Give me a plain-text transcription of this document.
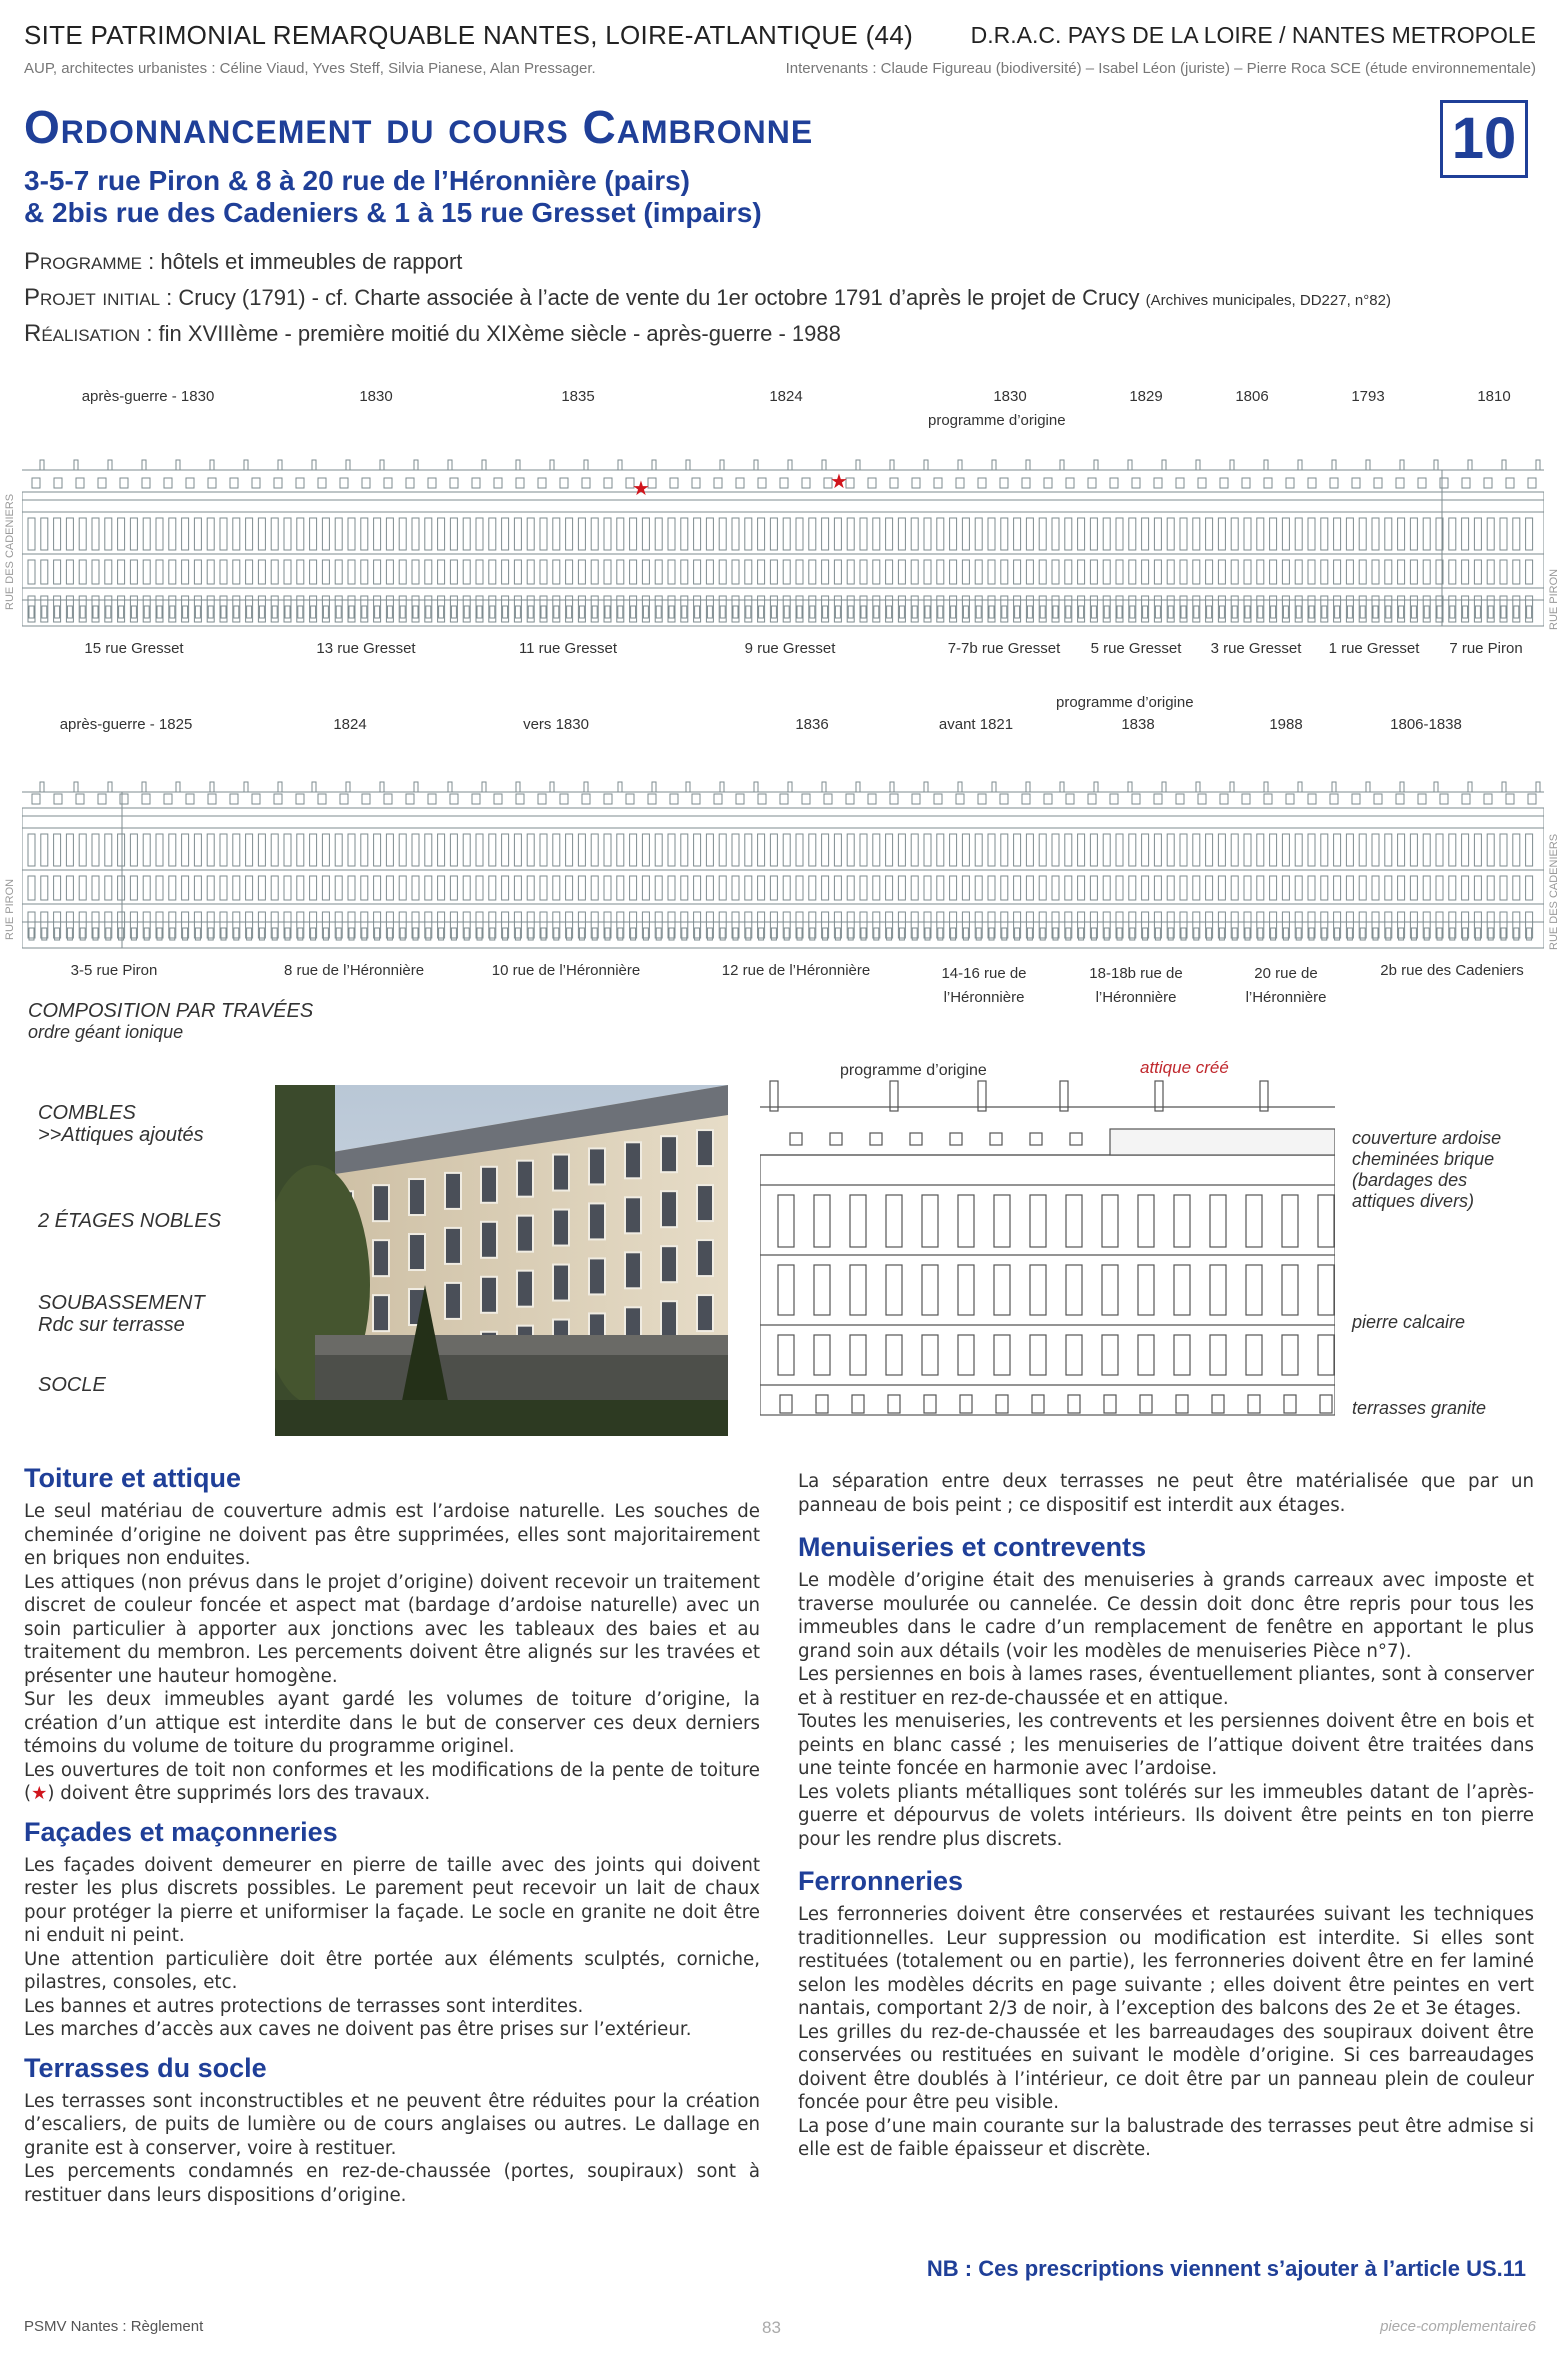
SITE PATRIMONIAL REMARQUABLE NANTES, LOIRE-ATLANTIQUE (44)	D.R.A.C. PAYS DE LA LOIRE / NANTES METROPOLE
AUP, architectes urbanistes : Céline Viaud, Yves Steff, Silvia Pianese, Alan Pressager.	Intervenants : Claude Figureau (biodiversité) – Isabel Léon (juriste) – Pierre Roca SCE (étude environnementale)
Ordonnancement du cours Cambronne	10
3-5-7 rue Piron & 8 à 20 rue de l’Héronnière (pairs)
& 2bis rue des Cadeniers & 1 à 15 rue Gresset (impairs)
Programme : hôtels et immeubles de rapport
Projet initial : Crucy (1791) - cf. Charte associée à l’acte de vente du 1er octobre 1791 d’après le projet de Crucy (Archives municipales, DD227, n°82)
Réalisation : fin XVIIIème - première moitié du XIXème siècle - après-guerre - 1988
après-guerre - 1830	1830	1835	1824	1830	1829	1806	1793	1810
programme d’origine
RUE DES CADENIERS	RUE PIRON
★	★
15 rue Gresset	13 rue Gresset	11 rue Gresset	9 rue Gresset	7-7b rue Gresset 5 rue Gresset 3 rue Gresset 1 rue Gresset 7 rue Piron
programme d’origine
après-guerre - 1825	1824	vers 1830	1836	avant 1821	1838	1988	1806-1838
RUE PIRON	RUE DES CADENIERS
3-5 rue Piron	8 rue de l’Héronnière	10 rue de l’Héronnière	12 rue de l’Héronnière	14-16 rue de l’Héronnière
18-18b rue de l’Héronnière
20 rue de l’Héronnière
2b rue des Cadeniers
COMPOSITION PAR TRAVÉES
ordre géant ionique
COMBLES
>>Attiques ajoutés
2 ÉTAGES NOBLES
SOUBASSEMENT
Rdc sur terrasse
SOCLE
programme d’origine	attique créé
couverture ardoise
cheminées brique
(bardages des
attiques divers)
pierre calcaire
terrasses granite
Toiture et attique

Le seul matériau de couverture admis est l’ardoise naturelle. Les souches de cheminée d’origine ne doivent pas être supprimées, elles sont majoritairement en briques non enduites.

Les attiques (non prévus dans le projet d’origine) doivent recevoir un traitement discret de couleur foncée et aspect mat (bardage d’ardoise naturelle) avec un soin particulier à apporter aux jonctions avec les tableaux des baies et au traitement du membron. Les percements doivent être alignés sur les travées et présenter une hauteur homogène.

Sur les deux immeubles ayant gardé les volumes de toiture d’origine, la création d’un attique est interdite dans le but de conserver ces deux derniers témoins du volume de toiture du programme originel.

Les ouvertures de toit non conformes et les modifications de la pente de toiture (★) doivent être supprimés lors des travaux.

Façades et maçonneries

Les façades doivent demeurer en pierre de taille avec des joints qui doivent rester les plus discrets possibles. Le parement peut recevoir un lait de chaux pour protéger la pierre et uniformiser la façade. Le socle en granite ne doit être ni enduit ni peint.

Une attention particulière doit être portée aux éléments sculptés, corniche, pilastres, consoles, etc.

Les bannes et autres protections de terrasses sont interdites.

Les marches d’accès aux caves ne doivent pas être prises sur l’extérieur.

Terrasses du socle

Les terrasses sont inconstructibles et ne peuvent être réduites pour la création d’escaliers, de puits de lumière ou de cours anglaises ou autres. Le dallage en granite est à conserver, voire à restituer.

Les percements condamnés en rez-de-chaussée (portes, soupiraux) sont à restituer dans leurs dispositions d’origine.

La séparation entre deux terrasses ne peut être matérialisée que par un panneau de bois peint ; ce dispositif est interdit aux étages.

Menuiseries et contrevents

Le modèle d’origine était des menuiseries à grands carreaux avec imposte et traverse moulurée ou cannelée. Ce dessin doit donc être repris pour tous les immeubles dans le cadre d’un remplacement de fenêtre en apportant le plus grand soin aux détails (voir les modèles de menuiseries Pièce n°7).

Les persiennes en bois à lames rases, éventuellement pliantes, sont à conserver et à restituer en rez-de-chaussée et en attique.

Toutes les menuiseries, les contrevents et les persiennes doivent être en bois et peints en blanc cassé ; les menuiseries de l’attique doivent être traitées dans une teinte foncée en harmonie avec l’ardoise.

Les volets pliants métalliques sont tolérés sur les immeubles datant de l’après-guerre et dépourvus de volets intérieurs. Ils doivent être peints en ton pierre pour les rendre plus discrets.

Ferronneries

Les ferronneries doivent être conservées et restaurées suivant les techniques traditionnelles. Leur suppression ou modification est interdite. Si elles sont restituées (totalement ou en partie), les ferronneries doivent être en fer laminé selon les modèles décrits en page suivante ; elles doivent être peintes en vert nantais, comportant 2/3 de noir, à l’exception des balcons des 2e et 3e étages.

Les grilles du rez-de-chaussée et les barreaudages des soupiraux doivent être conservées ou restituées en suivant le modèle d’origine. Si ces barreaudages doivent être doublés à l’intérieur, ce doit être par un panneau plein de couleur foncée pour être peu visible.

La pose d’une main courante sur la balustrade des terrasses peut être admise si elle est de faible épaisseur et discrète.

NB : Ces prescriptions viennent s’ajouter à l’article US.11
PSMV Nantes : Règlement	83	piece-complementaire6
